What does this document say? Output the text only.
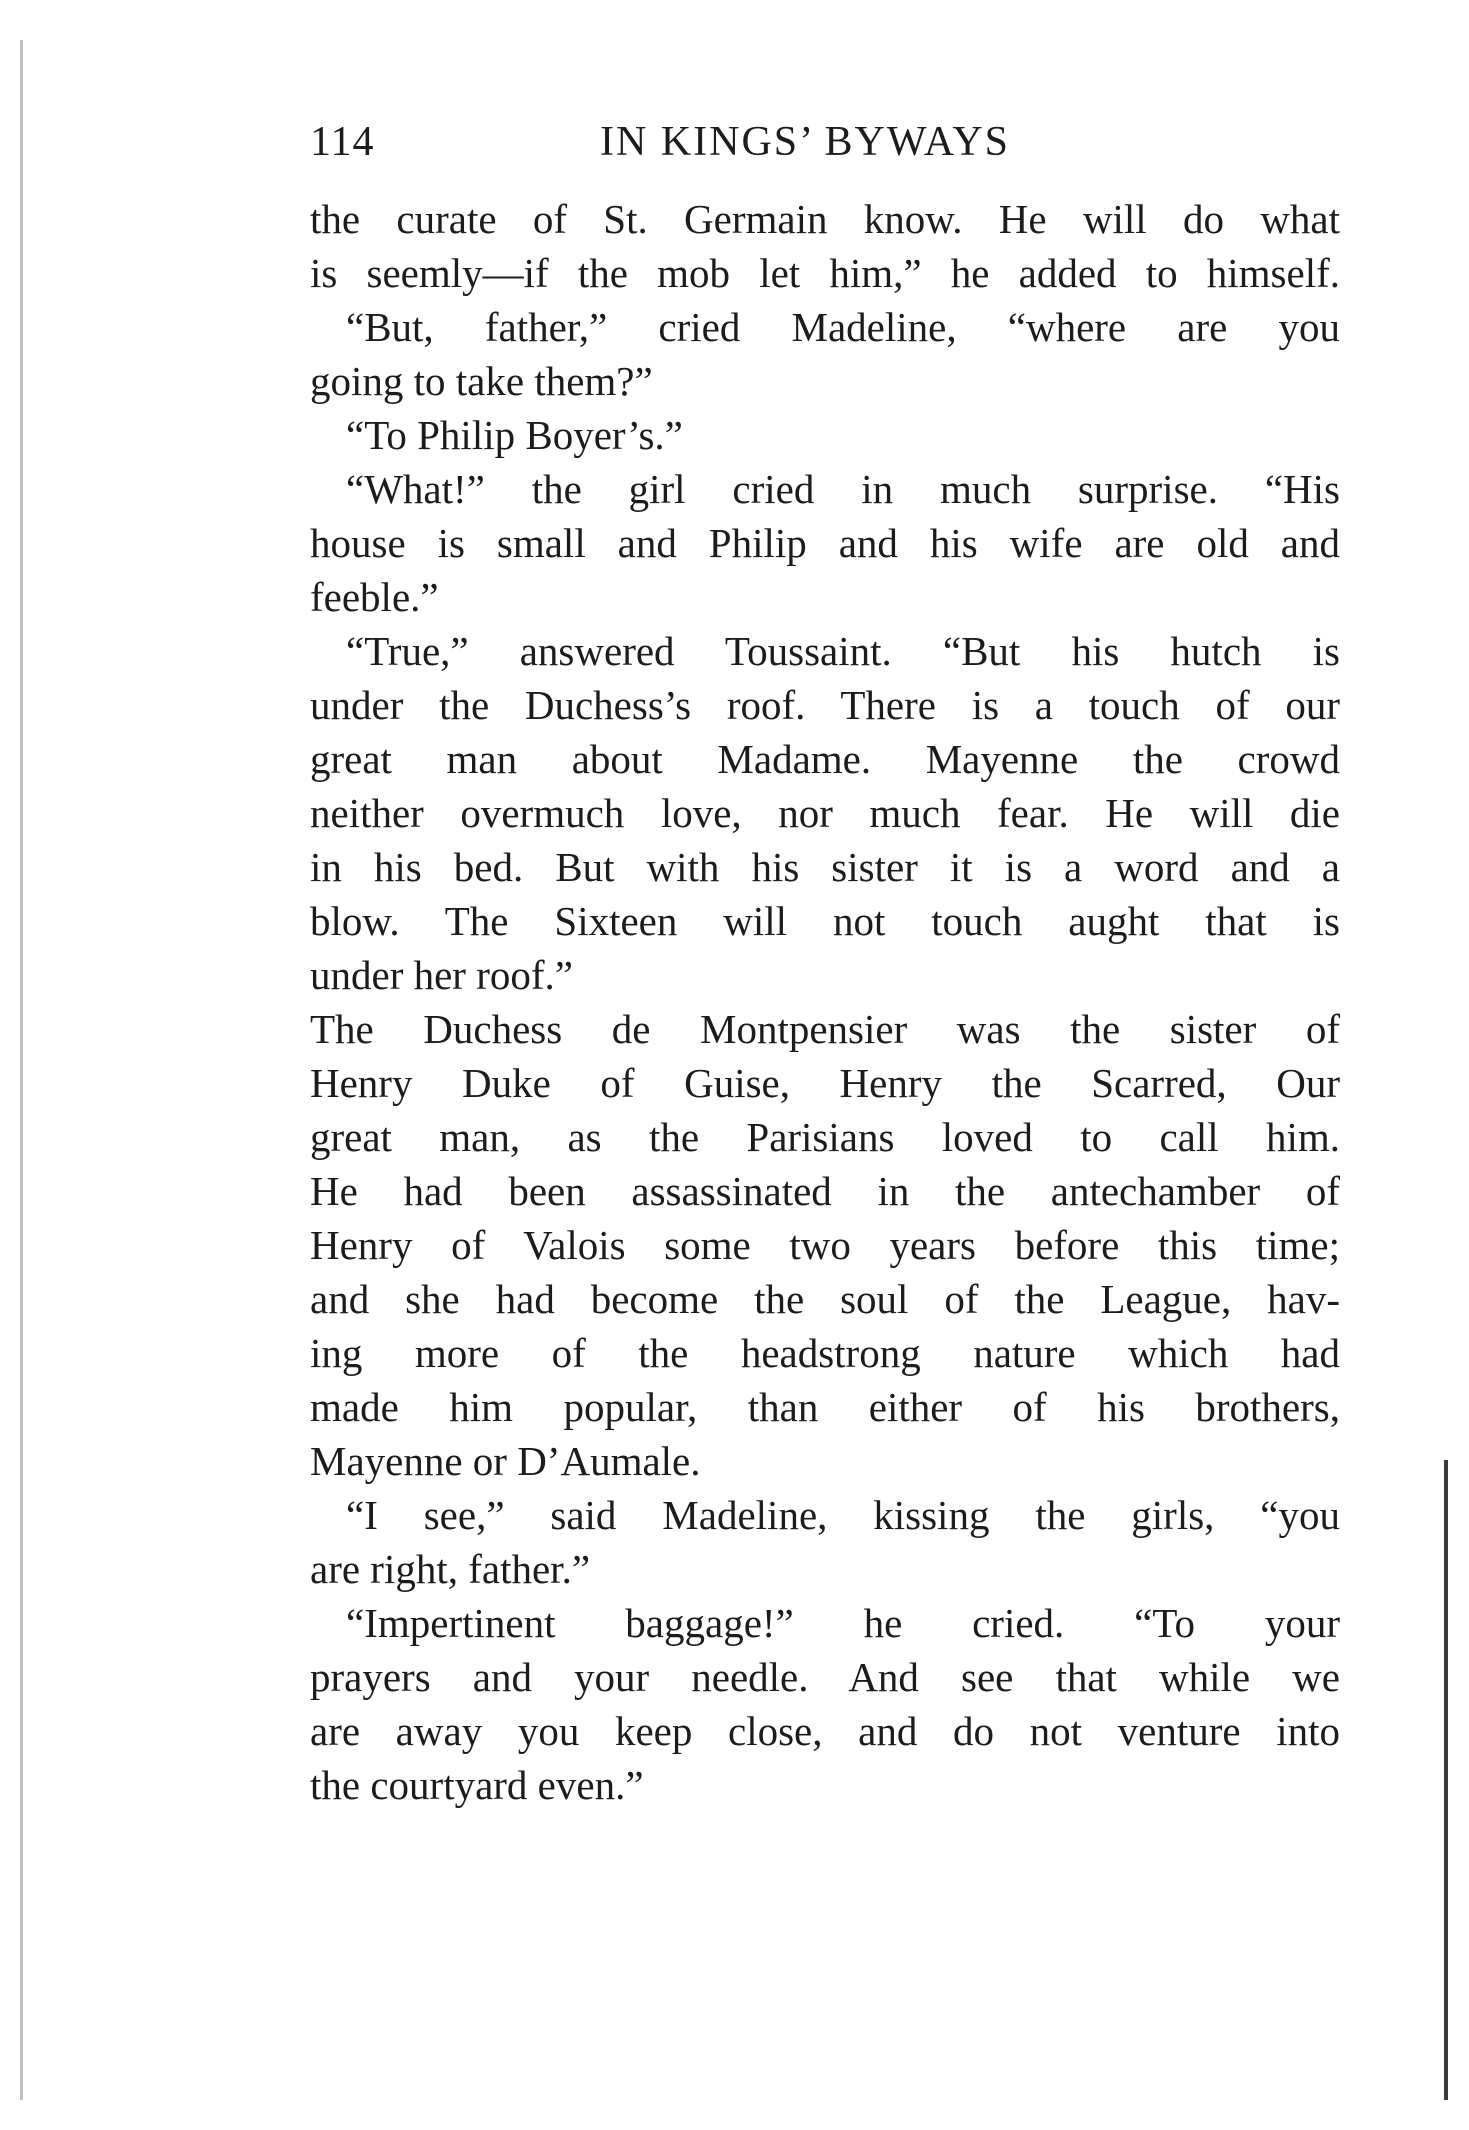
114	IN KINGS’ BYWAYS
the curate of St. Germain know. He will do what
is seemly—if the mob let him,” he added to himself.
“But, father,” cried Madeline, “where are you
going to take them?”
“To Philip Boyer’s.”
“What!” the girl cried in much surprise. “His
house is small and Philip and his wife are old and
feeble.”
“True,” answered Toussaint. “But his hutch is
under the Duchess’s roof. There is a touch of our
great man about Madame. Mayenne the crowd
neither overmuch love, nor much fear. He will die
in his bed. But with his sister it is a word and a
blow. The Sixteen will not touch aught that is
under her roof.”
The Duchess de Montpensier was the sister of
Henry Duke of Guise, Henry the Scarred, Our
great man, as the Parisians loved to call him.
He had been assassinated in the antechamber of
Henry of Valois some two years before this time;
and she had become the soul of the League, hav-
ing more of the headstrong nature which had
made him popular, than either of his brothers,
Mayenne or D’Aumale.
“I see,” said Madeline, kissing the girls, “you
are right, father.”
“Impertinent baggage!” he cried. “To your
prayers and your needle. And see that while we
are away you keep close, and do not venture into
the courtyard even.”
